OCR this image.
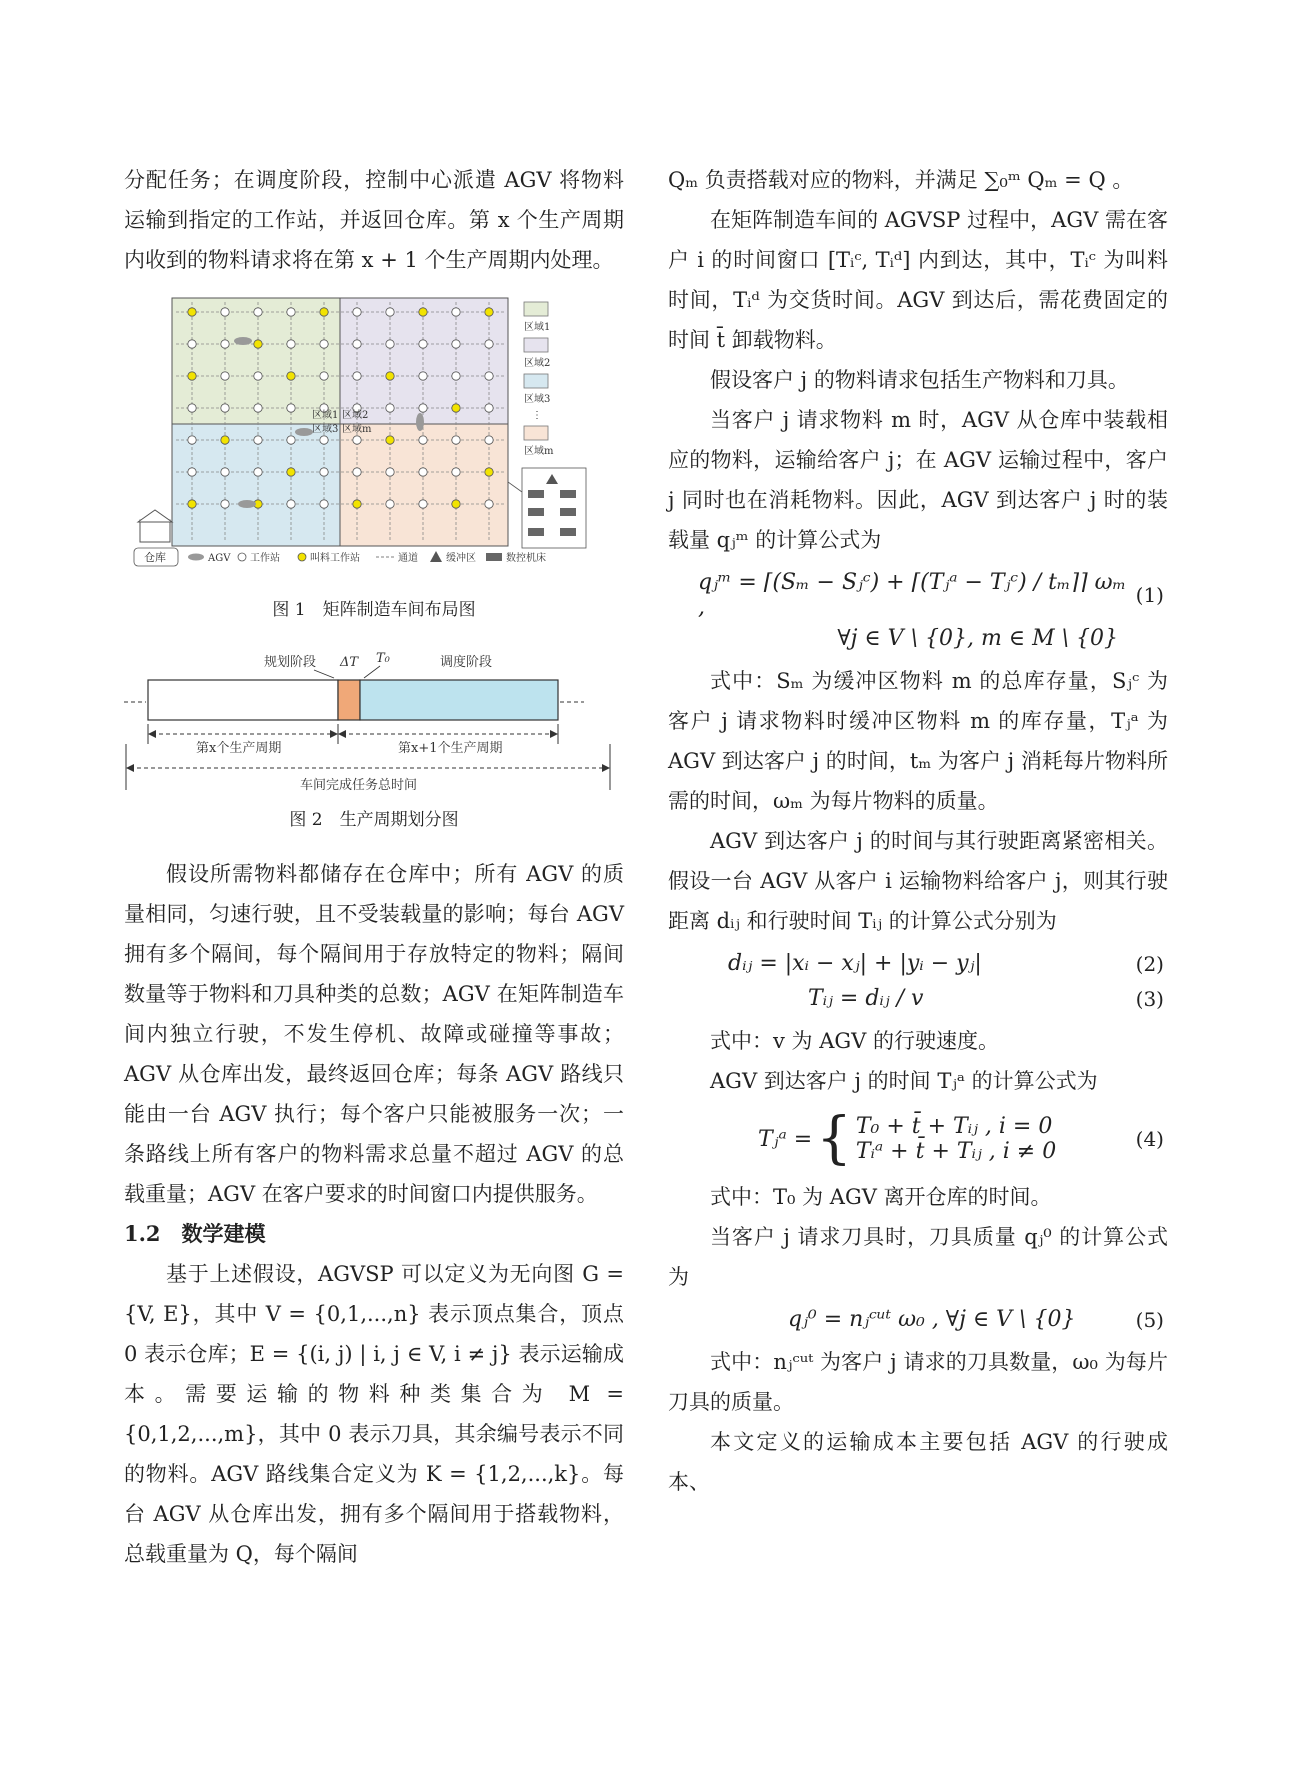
分配任务；在调度阶段，控制中心派遣 AGV 将物料运输到指定的工作站，并返回仓库。第 x 个生产周期内收到的物料请求将在第 x + 1 个生产周期内处理。

区域1 区域2
区域3 区域m
区域1
区域2
区域3
⋮
区域m
仓库	AGV 工作站	叫料工作站	通道	缓冲区	数控机床
图 1　矩阵制造车间布局图
规划阶段 ΔT T₀	调度阶段
第x个生产周期	第x+1个生产周期
车间完成任务总时间
图 2　生产周期划分图

假设所需物料都储存在仓库中；所有 AGV 的质量相同，匀速行驶，且不受装载量的影响；每台 AGV 拥有多个隔间，每个隔间用于存放特定的物料；隔间数量等于物料和刀具种类的总数；AGV 在矩阵制造车间内独立行驶，不发生停机、故障或碰撞等事故；AGV 从仓库出发，最终返回仓库；每条 AGV 路线只能由一台 AGV 执行；每个客户只能被服务一次；一条路线上所有客户的物料需求总量不超过 AGV 的总载重量；AGV 在客户要求的时间窗口内提供服务。

1.2　数学建模

基于上述假设，AGVSP 可以定义为无向图 G = {V, E}，其中 V = {0,1,...,n} 表示顶点集合，顶点 0 表示仓库；E = {(i, j) | i, j ∈ V, i ≠ j} 表示运输成本。需要运输的物料种类集合为 M = {0,1,2,...,m}，其中 0 表示刀具，其余编号表示不同的物料。AGV 路线集合定义为 K = {1,2,...,k}。每台 AGV 从仓库出发，拥有多个隔间用于搭载物料，总载重量为 Q，每个隔间

Qₘ 负责搭载对应的物料，并满足 ∑₀ᵐ Qₘ = Q 。

在矩阵制造车间的 AGVSP 过程中，AGV 需在客户 i 的时间窗口 [Tᵢᶜ, Tᵢᵈ] 内到达，其中，Tᵢᶜ 为叫料时间，Tᵢᵈ 为交货时间。AGV 到达后，需花费固定的时间 t̄ 卸载物料。

假设客户 j 的物料请求包括生产物料和刀具。

当客户 j 请求物料 m 时，AGV 从仓库中装载相应的物料，运输给客户 j；在 AGV 运输过程中，客户 j 同时也在消耗物料。因此，AGV 到达客户 j 时的装载量 qⱼᵐ 的计算公式为

qⱼᵐ = ⌈(Sₘ − Sⱼᶜ) + ⌈(Tⱼᵃ − Tⱼᶜ) / tₘ⌉⌉ ωₘ ,	(1)
∀j ∈ V \ {0}, m ∈ M \ {0}

式中：Sₘ 为缓冲区物料 m 的总库存量，Sⱼᶜ 为客户 j 请求物料时缓冲区物料 m 的库存量，Tⱼᵃ 为 AGV 到达客户 j 的时间，tₘ 为客户 j 消耗每片物料所需的时间，ωₘ 为每片物料的质量。

AGV 到达客户 j 的时间与其行驶距离紧密相关。假设一台 AGV 从客户 i 运输物料给客户 j，则其行驶距离 dᵢⱼ 和行驶时间 Tᵢⱼ 的计算公式分别为

dᵢⱼ = |xᵢ − xⱼ| + |yᵢ − yⱼ|	(2)
Tᵢⱼ = dᵢⱼ / v	(3)

式中：v 为 AGV 的行驶速度。

AGV 到达客户 j 的时间 Tⱼᵃ 的计算公式为

Tⱼᵃ = { T₀ + t̄ + Tᵢⱼ , i = 0
Tᵢᵃ + t̄ + Tᵢⱼ , i ≠ 0	(4)

式中：T₀ 为 AGV 离开仓库的时间。

当客户 j 请求刀具时，刀具质量 qⱼ⁰ 的计算公式为

qⱼ⁰ = nⱼᶜᵘᵗ ω₀ , ∀j ∈ V \ {0}	(5)

式中：nⱼᶜᵘᵗ 为客户 j 请求的刀具数量，ω₀ 为每片刀具的质量。

本文定义的运输成本主要包括 AGV 的行驶成本、
